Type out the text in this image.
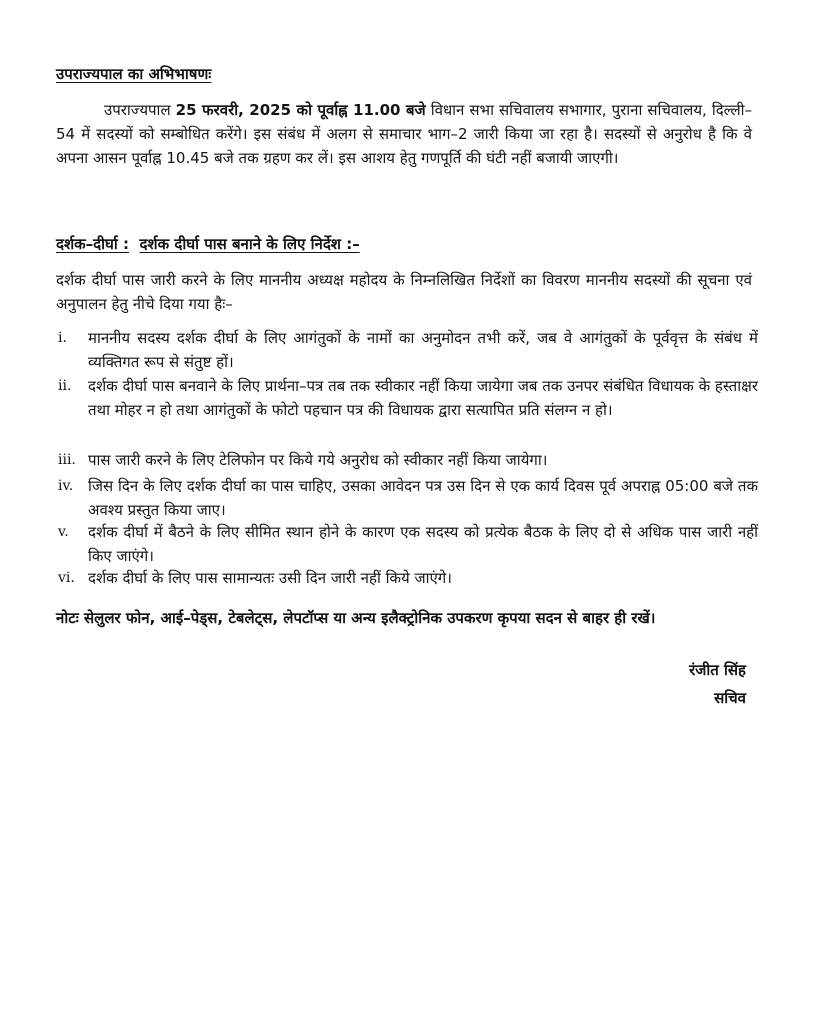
उपराज्यपाल का अभिभाषणः
उपराज्यपाल 25 फरवरी, 2025 को पूर्वाह्न 11.00 बजे विधान सभा सचिवालय सभागार, पुराना सचिवालय, दिल्ली–54 में सदस्यों को सम्बोधित करेंगे। इस संबंध में अलग से समाचार भाग–2 जारी किया जा रहा है। सदस्यों से अनुरोध है कि वे अपना आसन पूर्वाह्न 10.45 बजे तक ग्रहण कर लें। इस आशय हेतु गणपूर्ति की घंटी नहीं बजायी जाएगी।
दर्शक–दीर्घा : दर्शक दीर्घा पास बनाने के लिए निर्देश :–
दर्शक दीर्घा पास जारी करने के लिए माननीय अध्यक्ष महोदय के निम्नलिखित निर्देशों का विवरण माननीय सदस्यों की सूचना एवं अनुपालन हेतु नीचे दिया गया हैः–
i.	माननीय सदस्य दर्शक दीर्घा के लिए आगंतुकों के नामों का अनुमोदन तभी करें, जब वे आगंतुकों के पूर्ववृत्त के संबंध में व्यक्तिगत रूप से संतुष्ट हों।
ii.	दर्शक दीर्घा पास बनवाने के लिए प्रार्थना–पत्र तब तक स्वीकार नहीं किया जायेगा जब तक उनपर संबंधित विधायक के हस्ताक्षर तथा मोहर न हो तथा आगंतुकों के फोटो पहचान पत्र की विधायक द्वारा सत्यापित प्रति संलग्न न हो।
iii. पास जारी करने के लिए टेलिफोन पर किये गये अनुरोध को स्वीकार नहीं किया जायेगा।
iv. जिस दिन के लिए दर्शक दीर्घा का पास चाहिए, उसका आवेदन पत्र उस दिन से एक कार्य दिवस पूर्व अपराह्न 05:00 बजे तक अवश्य प्रस्तुत किया जाए।
v.	दर्शक दीर्घा में बैठने के लिए सीमित स्थान होने के कारण एक सदस्य को प्रत्येक बैठक के लिए दो से अधिक पास जारी नहीं किए जाएंगे।
vi. दर्शक दीर्घा के लिए पास सामान्यतः उसी दिन जारी नहीं किये जाएंगे।
नोटः सेलुलर फोन, आई–पेड्स, टेबलेट्स, लेपटॉप्स या अन्य इलैक्ट्रोनिक उपकरण कृपया सदन से बाहर ही रखें।
रंजीत सिंह
सचिव
